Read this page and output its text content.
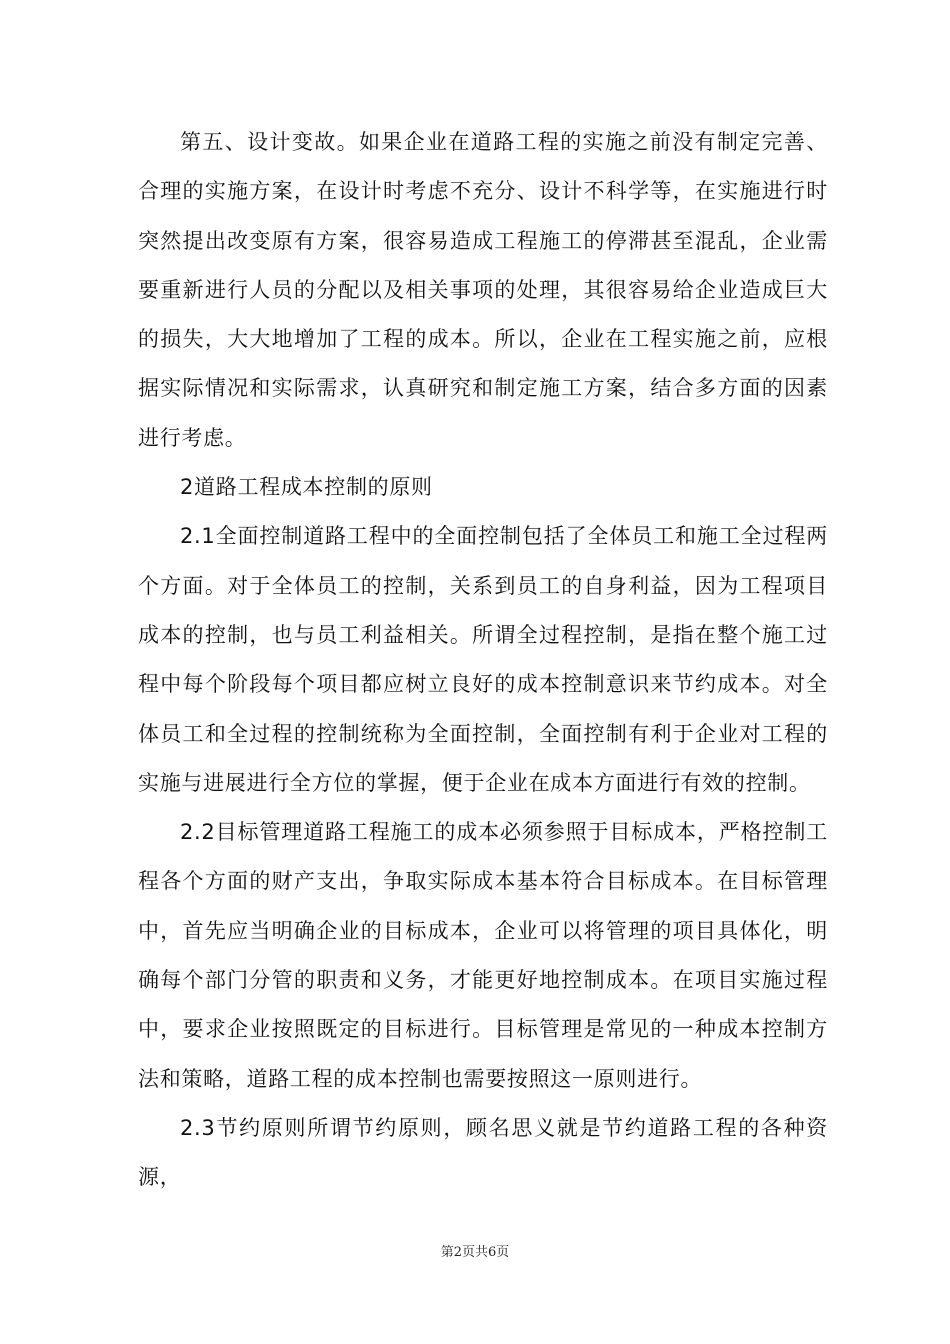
第五、设计变故。如果企业在道路工程的实施之前没有制定完善、合理的实施方案，在设计时考虑不充分、设计不科学等，在实施进行时突然提出改变原有方案，很容易造成工程施工的停滞甚至混乱，企业需要重新进行人员的分配以及相关事项的处理，其很容易给企业造成巨大的损失，大大地增加了工程的成本。所以，企业在工程实施之前，应根据实际情况和实际需求，认真研究和制定施工方案，结合多方面的因素进行考虑。

2道路工程成本控制的原则

2.1全面控制道路工程中的全面控制包括了全体员工和施工全过程两个方面。对于全体员工的控制，关系到员工的自身利益，因为工程项目成本的控制，也与员工利益相关。所谓全过程控制，是指在整个施工过程中每个阶段每个项目都应树立良好的成本控制意识来节约成本。对全体员工和全过程的控制统称为全面控制，全面控制有利于企业对工程的实施与进展进行全方位的掌握，便于企业在成本方面进行有效的控制。

2.2目标管理道路工程施工的成本必须参照于目标成本，严格控制工程各个方面的财产支出，争取实际成本基本符合目标成本。在目标管理中，首先应当明确企业的目标成本，企业可以将管理的项目具体化，明确每个部门分管的职责和义务，才能更好地控制成本。在项目实施过程中，要求企业按照既定的目标进行。目标管理是常见的一种成本控制方法和策略，道路工程的成本控制也需要按照这一原则进行。

2.3节约原则所谓节约原则，顾名思义就是节约道路工程的各种资源，

第2页共6页
